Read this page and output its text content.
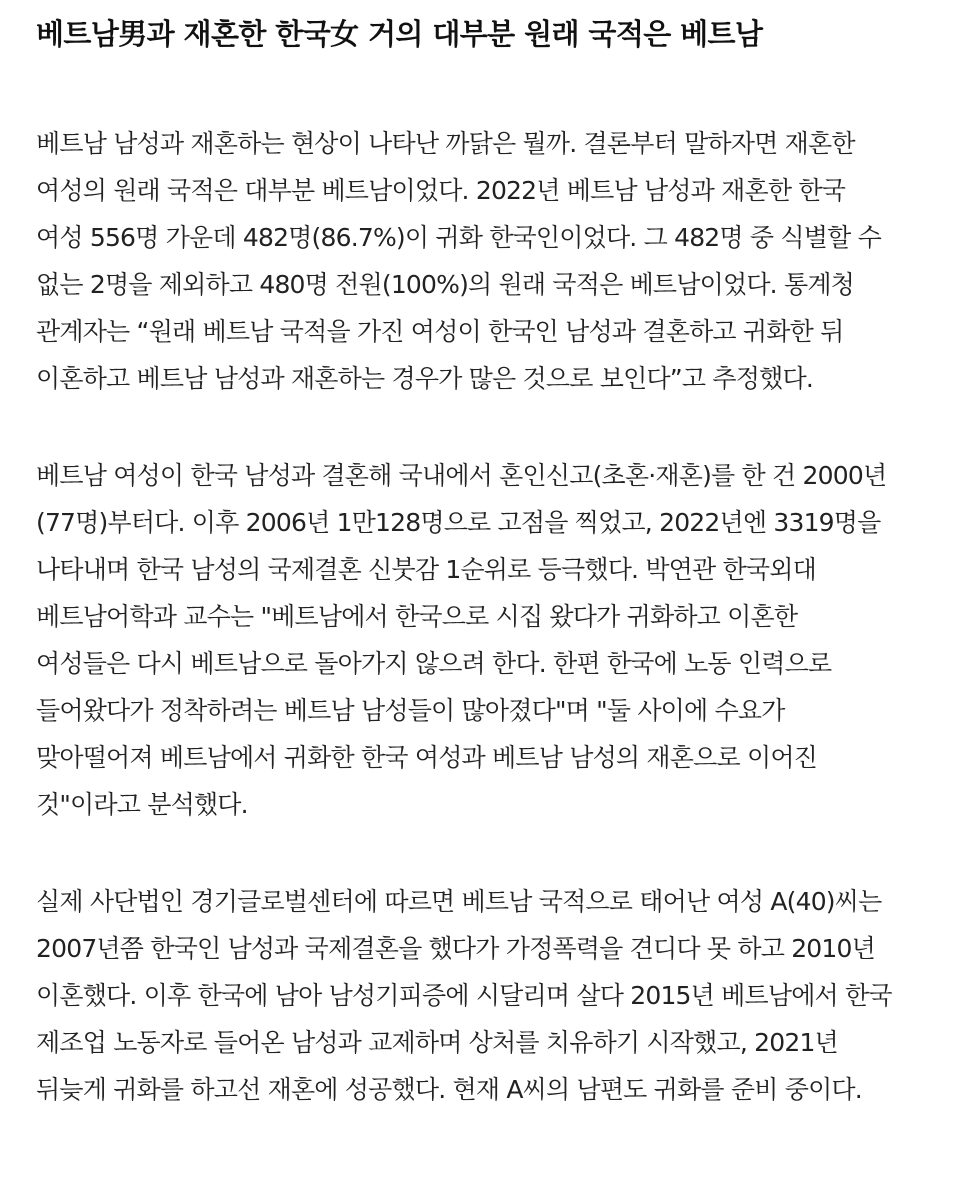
베트남男과 재혼한 한국女 거의 대부분 원래 국적은 베트남

베트남 남성과 재혼하는 현상이 나타난 까닭은 뭘까. 결론부터 말하자면 재혼한
여성의 원래 국적은 대부분 베트남이었다. 2022년 베트남 남성과 재혼한 한국
여성 556명 가운데 482명(86.7%)이 귀화 한국인이었다. 그 482명 중 식별할 수
없는 2명을 제외하고 480명 전원(100%)의 원래 국적은 베트남이었다. 통계청
관계자는 “원래 베트남 국적을 가진 여성이 한국인 남성과 결혼하고 귀화한 뒤
이혼하고 베트남 남성과 재혼하는 경우가 많은 것으로 보인다”고 추정했다.

베트남 여성이 한국 남성과 결혼해 국내에서 혼인신고(초혼·재혼)를 한 건 2000년
(77명)부터다. 이후 2006년 1만128명으로 고점을 찍었고, 2022년엔 3319명을
나타내며 한국 남성의 국제결혼 신붓감 1순위로 등극했다. 박연관 한국외대
베트남어학과 교수는 "베트남에서 한국으로 시집 왔다가 귀화하고 이혼한
여성들은 다시 베트남으로 돌아가지 않으려 한다. 한편 한국에 노동 인력으로
들어왔다가 정착하려는 베트남 남성들이 많아졌다"며 "둘 사이에 수요가
맞아떨어져 베트남에서 귀화한 한국 여성과 베트남 남성의 재혼으로 이어진
것"이라고 분석했다.

실제 사단법인 경기글로벌센터에 따르면 베트남 국적으로 태어난 여성 A(40)씨는
2007년쯤 한국인 남성과 국제결혼을 했다가 가정폭력을 견디다 못 하고 2010년
이혼했다. 이후 한국에 남아 남성기피증에 시달리며 살다 2015년 베트남에서 한국
제조업 노동자로 들어온 남성과 교제하며 상처를 치유하기 시작했고, 2021년
뒤늦게 귀화를 하고선 재혼에 성공했다. 현재 A씨의 남편도 귀화를 준비 중이다.
